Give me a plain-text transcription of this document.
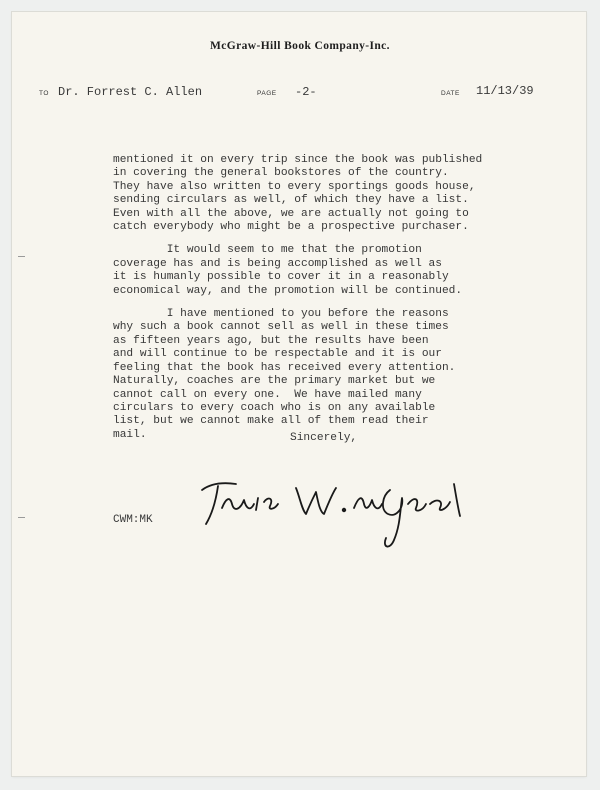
McGraw-Hill Book Company-Inc.
TO Dr. Forrest C. Allen	PAGE -2-	DATE 11/13/39
mentioned it on every trip since the book was published
in covering the general bookstores of the country.
They have also written to every sportings goods house,
sending circulars as well, of which they have a list.
Even with all the above, we are actually not going to
catch everybody who might be a prospective purchaser.
It would seem to me that the promotion
coverage has and is being accomplished as well as
it is humanly possible to cover it in a reasonably
economical way, and the promotion will be continued.
I have mentioned to you before the reasons
why such a book cannot sell as well in these times
as fifteen years ago, but the results have been
and will continue to be respectable and it is our
feeling that the book has received every attention.
Naturally, coaches are the primary market but we
cannot call on every one.  We have mailed many
circulars to every coach who is on any available
list, but we cannot make all of them read their
mail.	Sincerely,
CWM:MK
